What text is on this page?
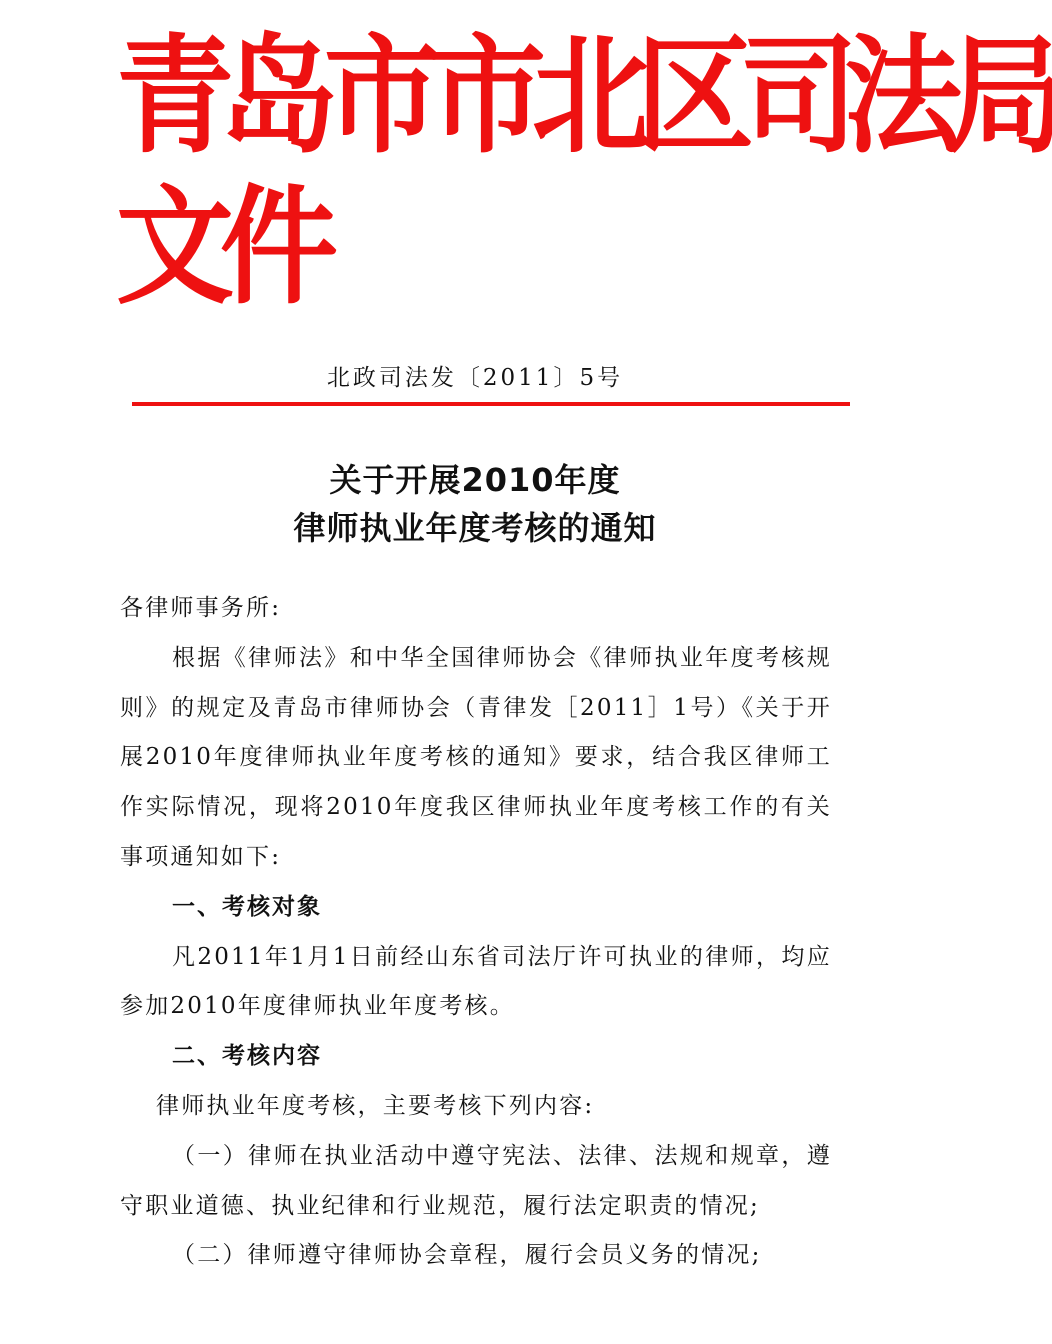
青岛市市北区司法局
文件
北政司法发〔2011〕5号
关于开展2010年度
律师执业年度考核的通知

各律师事务所:

根据《律师法》和中华全国律师协会《律师执业年度考核规则》的规定及青岛市律师协会（青律发［2011］1号）《关于开展2010年度律师执业年度考核的通知》要求，结合我区律师工作实际情况，现将2010年度我区律师执业年度考核工作的有关事项通知如下:

一、考核对象

凡2011年1月1日前经山东省司法厅许可执业的律师，均应参加2010年度律师执业年度考核。

二、考核内容

律师执业年度考核，主要考核下列内容:

（一）律师在执业活动中遵守宪法、法律、法规和规章，遵守职业道德、执业纪律和行业规范，履行法定职责的情况;

（二）律师遵守律师协会章程，履行会员义务的情况;
